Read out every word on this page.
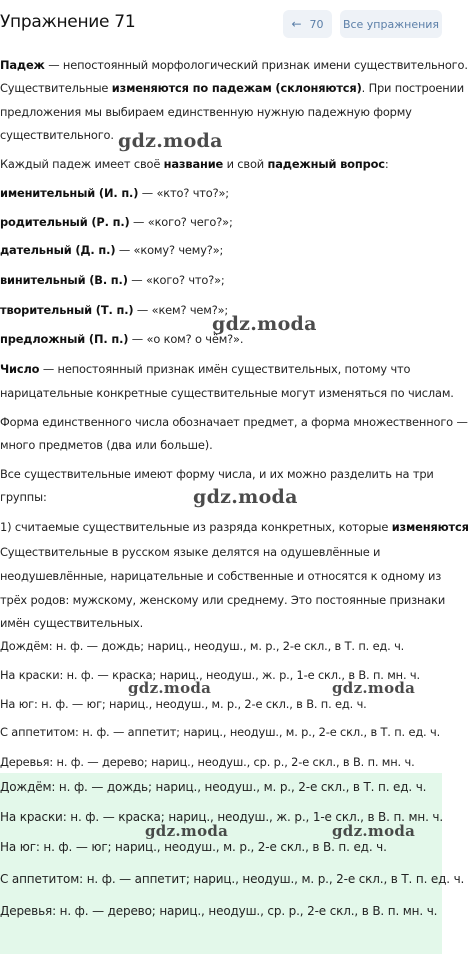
Упражнение 71	← 70 Все упражнения
Падеж — непостоянный морфологический признак имени существительного.
Существительные изменяются по падежам (склоняются). При построении
предложения мы выбираем единственную нужную падежную форму
существительного.
Каждый падеж имеет своё название и свой падежный вопрос:
именительный (И. п.) — «кто? что?»;
родительный (Р. п.) — «кого? чего?»;
дательный (Д. п.) — «кому? чему?»;
винительный (В. п.) — «кого? что?»;
творительный (Т. п.) — «кем? чем?»;
предложный (П. п.) — «о ком? о чём?».
Число — непостоянный признак имён существительных, потому что
нарицательные конкретные существительные могут изменяться по числам.
Форма единственного числа обозначает предмет, а форма множественного —
много предметов (два или больше).
Все существительные имеют форму числа, и их можно разделить на три
группы:
1) считаемые существительные из разряда конкретных, которые изменяются
Существительные в русском языке делятся на одушевлённые и
неодушевлённые, нарицательные и собственные и относятся к одному из
трёх родов: мужскому, женскому или среднему. Это постоянные признаки
имён существительных.
Дождём: н. ф. — дождь; нариц., неодуш., м. р., 2-е скл., в Т. п. ед. ч.
На краски: н. ф. — краска; нариц., неодуш., ж. р., 1-е скл., в В. п. мн. ч.
На юг: н. ф. — юг; нариц., неодуш., м. р., 2-е скл., в В. п. ед. ч.
С аппетитом: н. ф. — аппетит; нариц., неодуш., м. р., 2-е скл., в Т. п. ед. ч.
Деревья: н. ф. — дерево; нариц., неодуш., ср. р., 2-е скл., в В. п. мн. ч.
Дождём: н. ф. — дождь; нариц., неодуш., м. р., 2-е скл., в Т. п. ед. ч.
На краски: н. ф. — краска; нариц., неодуш., ж. р., 1-е скл., в В. п. мн. ч.
На юг: н. ф. — юг; нариц., неодуш., м. р., 2-е скл., в В. п. ед. ч.
С аппетитом: н. ф. — аппетит; нариц., неодуш., м. р., 2-е скл., в Т. п. ед. ч.
Деревья: н. ф. — дерево; нариц., неодуш., ср. р., 2-е скл., в В. п. мн. ч.
gdz.moda
gdz.moda
gdz.moda
gdz.moda	gdz.moda
gdz.moda	gdz.moda
